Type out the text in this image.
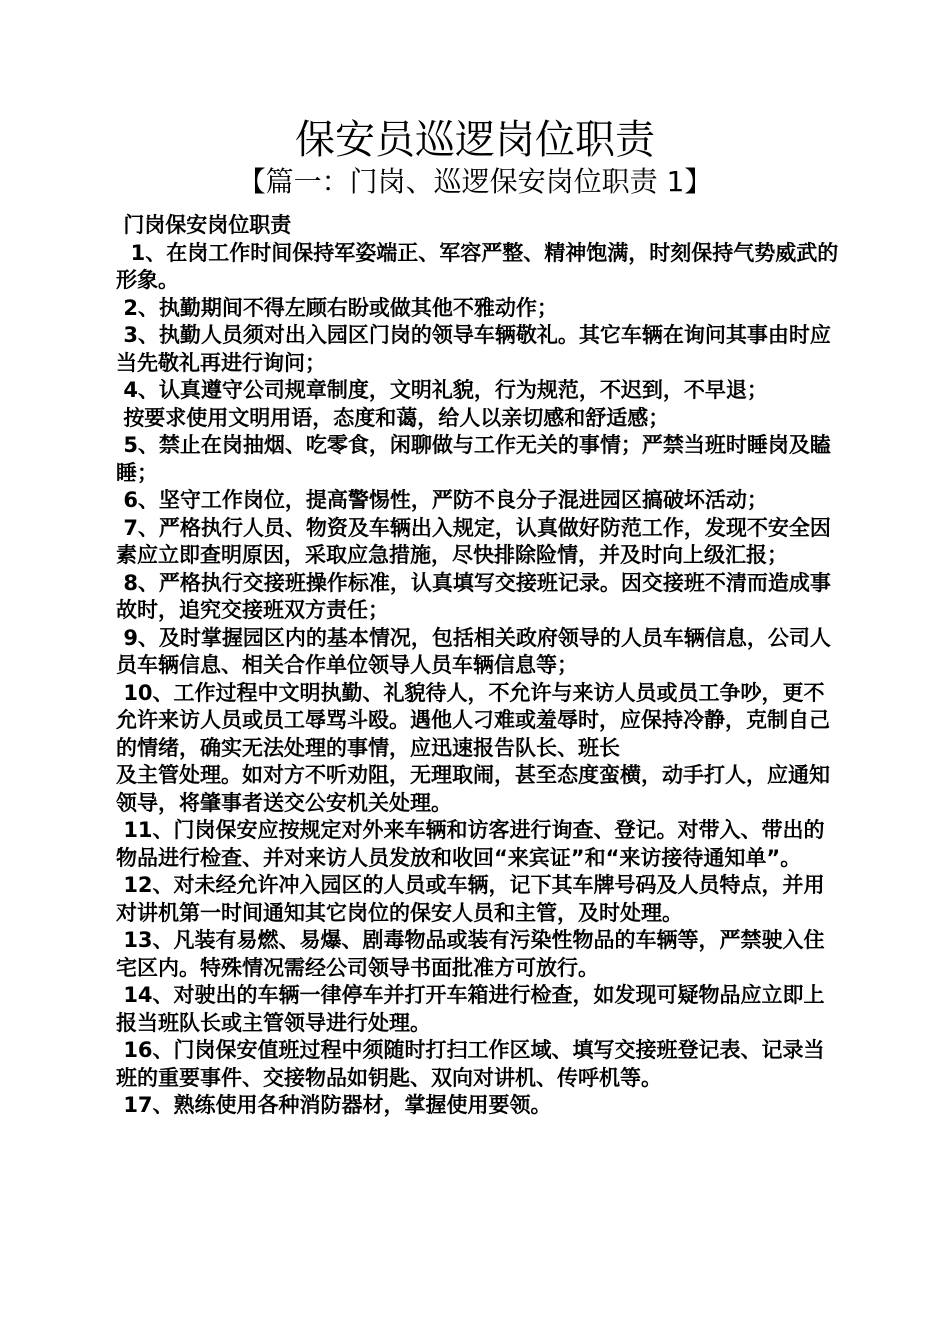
保安员巡逻岗位职责
【篇一：门岗、巡逻保安岗位职责 1】

门岗保安岗位职责

1、在岗工作时间保持军姿端正、军容严整、精神饱满，时刻保持气势威武的形象。

2、执勤期间不得左顾右盼或做其他不雅动作；

3、执勤人员须对出入园区门岗的领导车辆敬礼。其它车辆在询问其事由时应当先敬礼再进行询问；

4、认真遵守公司规章制度，文明礼貌，行为规范，不迟到，不早退；

按要求使用文明用语，态度和蔼，给人以亲切感和舒适感；

5、禁止在岗抽烟、吃零食，闲聊做与工作无关的事情；严禁当班时睡岗及瞌睡；

6、坚守工作岗位，提高警惕性，严防不良分子混进园区搞破坏活动；

7、严格执行人员、物资及车辆出入规定，认真做好防范工作，发现不安全因素应立即查明原因，采取应急措施，尽快排除险情，并及时向上级汇报；

8、严格执行交接班操作标准，认真填写交接班记录。因交接班不清而造成事故时，追究交接班双方责任；

9、及时掌握园区内的基本情况，包括相关政府领导的人员车辆信息，公司人员车辆信息、相关合作单位领导人员车辆信息等；

10、工作过程中文明执勤、礼貌待人，不允许与来访人员或员工争吵，更不允许来访人员或员工辱骂斗殴。遇他人刁难或羞辱时，应保持冷静，克制自己的情绪，确实无法处理的事情，应迅速报告队长、班长

及主管处理。如对方不听劝阻，无理取闹，甚至态度蛮横，动手打人，应通知领导，将肇事者送交公安机关处理。

11、门岗保安应按规定对外来车辆和访客进行询查、登记。对带入、带出的物品进行检查、并对来访人员发放和收回“来宾证”和“来访接待通知单”。

12、对未经允许冲入园区的人员或车辆，记下其车牌号码及人员特点，并用对讲机第一时间通知其它岗位的保安人员和主管，及时处理。

13、凡装有易燃、易爆、剧毒物品或装有污染性物品的车辆等，严禁驶入住宅区内。特殊情况需经公司领导书面批准方可放行。

14、对驶出的车辆一律停车并打开车箱进行检查，如发现可疑物品应立即上报当班队长或主管领导进行处理。

16、门岗保安值班过程中须随时打扫工作区域、填写交接班登记表、记录当班的重要事件、交接物品如钥匙、双向对讲机、传呼机等。

17、熟练使用各种消防器材，掌握使用要领。
